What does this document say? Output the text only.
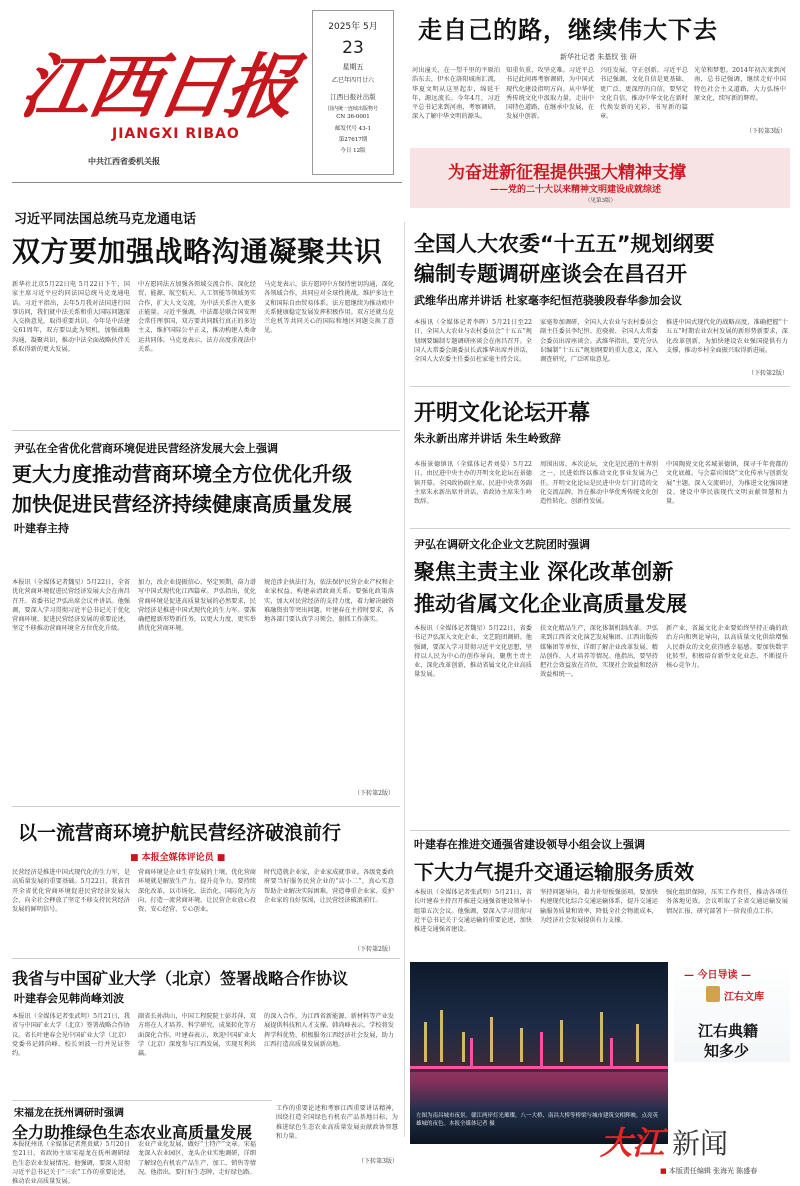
江西日报
JIANGXI RIBAO
中共江西省委机关报
2025年 5月
23
星期五
乙巳年四月廿六
江西日报社出版
国内统一连续出版物号
CN 36-0001
邮发代号 43-1
第27617期
今日 12版
走自己的路，继续伟大下去
新华社记者 朱基钗 张 研
河出潼关，在一望千里的平原泊浩东去，伊水在洛阳城南汇流，华夏文明从这里起步，绵延千年，源远流长。今年4月，习近平总书记来到河南，考察调研，深入了解中华文明的源头。
知重负重，攻坚克难。习近平总书记此间再考察调研，为中国式现代化建设指明方向。从中华优秀传统文化中汲取力量，走出中国特色道路，在继承中发展，在发展中创新。
兴旺发展，守正创新。习近平总书记强调，文化自信是更基础、更广泛、更深厚的自信，要坚定文化自信，推动中华文化在新时代焕发新的光彩，书写新的篇章。
光荣和梦想。2014年初次来到河南，总书记强调，继续走好中国特色社会主义道路，大力弘扬中原文化，续写新的辉煌。
（下转第3版）
为奋进新征程提供强大精神支撑
——党的二十大以来精神文明建设成就综述
（见第3版）
习近平同法国总统马克龙通电话
双方要加强战略沟通凝聚共识
新华社北京5月22日电 5月22日下午，国家主席习近平应约同法国总统马克龙通电话。习近平指出，去年5月我对法国进行国事访问，我们就中法关系和重大国际问题深入交换意见，取得重要共识。今年是中法建交61周年，双方要以此为契机，加强战略沟通，凝聚共识，推动中法全面战略伙伴关系取得新的更大发展。
中方愿同法方加强各领域交流合作，深化经贸、能源、航空航天、人工智能等领域务实合作，扩大人文交流，为中法关系注入更多正能量。习近平强调，中法都是联合国安理会常任理事国，双方要共同践行真正的多边主义，维护国际公平正义，推动构建人类命运共同体。马克龙表示，法方高度重视法中关系。
马克龙表示，法方愿同中方保持密切沟通，深化各领域合作，共同应对全球性挑战，维护多边主义和国际自由贸易体系。法方愿继续为推动欧中关系健康稳定发展发挥积极作用。双方还就乌克兰危机等共同关心的国际和地区问题交换了意见。
全国人大农委“十五五”规划纲要
编制专题调研座谈会在昌召开
武维华出席并讲话 杜家毫李纪恒范骁骏段春华参加会议
本报讯（全媒体记者李晖）5月21日至22日，全国人大农业与农村委员会“十五五”规划纲要编制专题调研座谈会在南昌召开。全国人大常委会副委员长武维华出席并讲话，全国人大农委主任委员杜家毫主持会议。
家毫参加调研，全国人大农业与农村委员会副主任委员李纪恒、范骁骏、全国人大常委会委员出席座谈会。武维华指出，要充分认识编制“十五五”规划纲要的重大意义，深入调查研究，广泛听取意见。
推进中国式现代化的战略高度，准确把握“十五五”时期农业农村发展的新形势新要求，深化改革创新，为加快建设农业强国提供有力支撑，推动乡村全面振兴取得新进展。
（下转第2版）
开明文化论坛开幕
朱永新出席并讲话 朱生岭致辞
本报景德镇讯（全媒体记者刘晏）5月22日，由民进中央主办的开明文化论坛在景德镇开幕。全国政协副主席、民进中央常务副主席朱永新出席并讲话，省政协主席朱生岭致辞。
周围出席。本次论坛，文化是民进的主界别之一，民进始终以推动文化事业发展为己任。开明文化论坛是民进中央专门打造的文化交流品牌，旨在推动中华优秀传统文化创造性转化、创新性发展。
中国陶瓷文化名城景德镇，探寻千年瓷都的文化底蕴。与会嘉宾围绕“文化传承与创新发展”主题，深入交流研讨，为推进文化强国建设、建设中华民族现代文明贡献智慧和力量。
尹弘在全省优化营商环境促进民营经济发展大会上强调
更大力度推动营商环境全方位优化升级
加快促进民营经济持续健康高质量发展
叶建春主持
本报讯（全媒体记者魏星）5月22日，全省优化营商环境促进民营经济发展大会在南昌召开。省委书记尹弘出席会议并讲话。他强调，要深入学习贯彻习近平总书记关于优化营商环境、促进民营经济发展的重要论述，坚定不移推动营商环境全方位优化升级。
加力，改企业提振信心、坚定预期，奋力谱写中国式现代化江西篇章。尹弘指出，优化营商环境是促进高质量发展的必然要求，民营经济是推进中国式现代化的生力军。要准确把握新形势新任务，以更大力度、更实举措优化营商环境。
规范涉企执法行为，依法保护民营企业产权和企业家权益，构建亲清政商关系。要强化政策落实，加大对民营经济的支持力度，着力解决融资难融资贵等突出问题。叶建春在主持时要求，各地各部门要认真学习领会，狠抓工作落实。
（下转第2版）
尹弘在调研文化企业文艺院团时强调
聚焦主责主业 深化改革创新
推动省属文化企业高质量发展
本报讯（全媒体记者魏星）5月22日，省委书记尹弘深入文化企业、文艺院团调研。他强调，要深入学习贯彻习近平文化思想，坚持以人民为中心的创作导向，聚焦主责主业，深化改革创新，推动省属文化企业高质量发展。
扶文化精品生产，深化体制机制改革。尹弘来到江西省文化演艺发展集团、江西出版传媒集团等单位，详细了解企业改革发展、精品创作、人才培养等情况。他指出，要坚持把社会效益放在首位，实现社会效益和经济效益相统一。
新产业，省属文化企业要始终坚持正确的政治方向和舆论导向，以高质量文化供给增强人民群众的文化获得感幸福感。要加快数字化转型，积极培育新型文化业态，不断提升核心竞争力。
以一流营商环境护航民营经济破浪前行
■ 本报全媒体评论员 ■
民营经济是推进中国式现代化的生力军，是高质量发展的重要基础。5月22日，我省召开全省优化营商环境促进民营经济发展大会，向全社会释放了坚定不移支持民营经济发展的鲜明信号。
营商环境是企业生存发展的土壤，优化营商环境就是解放生产力、提升竞争力。要持续深化改革，以市场化、法治化、国际化为方向，打造一流营商环境，让民营企业放心投资、安心经营、专心创业。
时代造就企业家，企业家成就事业。各级党委政府要当好服务民营企业的“店小二”，真心实意帮助企业解决实际困难，营造尊重企业家、爱护企业家的良好氛围，让民营经济破浪前行。
（下转第2版）
叶建春在推进交通强省建设领导小组会议上强调
下大力气提升交通运输服务质效
本报讯（全媒体记者张武明）5月21日，省长叶建春主持召开推进交通强省建设领导小组第五次会议。他强调，要深入学习贯彻习近平总书记关于交通运输的重要论述，加快推进交通强省建设。
坚持问题导向，着力补短板强弱项。要加快构建现代化综合交通运输体系，提升交通运输服务质量和效率，降低全社会物流成本，为经济社会发展提供有力支撑。
强化组织保障，压实工作责任，推动各项任务落地见效。会议听取了全省交通运输发展情况汇报，研究部署下一阶段重点工作。
我省与中国矿业大学（北京）签署战略合作协议
叶建春会见韩尚峰刘波
本报讯（全媒体记者张武明）5月21日，我省与中国矿业大学（北京）签署战略合作协议。省长叶建春会见中国矿业大学（北京）党委书记韩尚峰、校长刘波一行并见证签约。
副省长孙洪山，中国工程院院士彭苏萍，双方将在人才培养、科学研究、成果转化等方面深化合作。叶建春表示，欢迎中国矿业大学（北京）深度参与江西发展，实现互利共赢。
的深入合作，为江西省新能源、新材料等产业发展提供科技和人才支撑。韩尚峰表示，学校将发挥学科优势，积极服务江西经济社会发展，助力江西打造高质量发展新高地。
宋福龙在抚州调研时强调
全力助推绿色生态农业高质量发展
本报抚州讯（全媒体记者焦贵斌）5月20日至21日，省政协主席宋福龙在抚州调研绿色生态农业发展情况。他强调，要深入贯彻习近平总书记关于“三农”工作的重要论述，推动农业高质量发展。
农业产业化发展，做好“土特产”文章。宋福龙深入农业园区、龙头企业实地调研，详细了解绿色有机农产品生产、加工、销售等情况。他指出，要打好生态牌，走好绿色路。
工作的重要论述和考察江西重要讲话精神，围绕打造全国绿色有机农产品基地目标，为推进绿色生态农业高质量发展贡献政协智慧和力量。
（下转第3版）
左图为南昌城市夜景。赣江两岸灯光璀璨，八一大桥、南昌大桥等桥梁与城市建筑交相辉映，点亮英雄城的夜色。本报全媒体记者 摄
— 今日导读 —
江右文库
江右典籍
知多少
大江 新闻
■ 本版责任编辑 张海光 陈盛春
